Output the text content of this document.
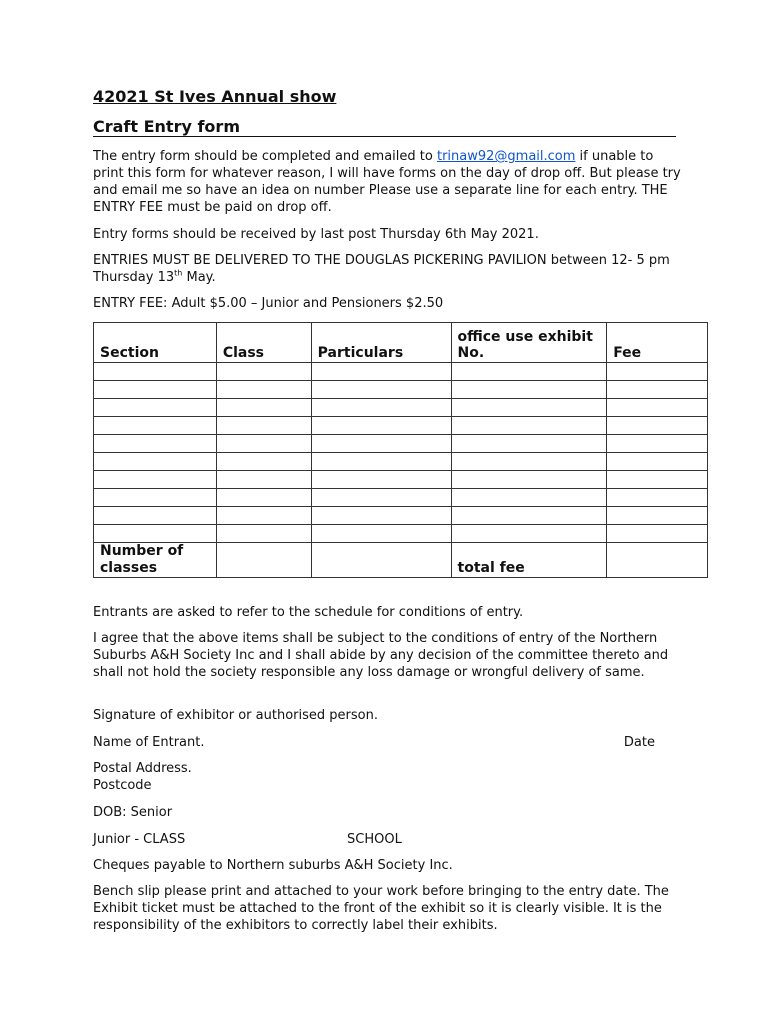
42021 St Ives Annual show
Craft Entry form

The entry form should be completed and emailed to trinaw92@gmail.com if unable to print this form for whatever reason, I will have forms on the day of drop off. But please try and email me so have an idea on number Please use a separate line for each entry. THE ENTRY FEE must be paid on drop off.

Entry forms should be received by last post Thursday 6th May 2021.

ENTRIES MUST BE DELIVERED TO THE DOUGLAS PICKERING PAVILION between 12- 5 pm Thursday 13th May.

ENTRY FEE: Adult $5.00 – Junior and Pensioners $2.50

Section	Class	Particulars	office use exhibit No.	Fee

Number of classes			total fee	

Entrants are asked to refer to the schedule for conditions of entry.

I agree that the above items shall be subject to the conditions of entry of the Northern Suburbs A&H Society Inc and I shall abide by any decision of the committee thereto and shall not hold the society responsible any loss damage or wrongful delivery of same.

Signature of exhibitor or authorised person.

Name of Entrant.	Date

Postal Address.
Postcode

DOB: Senior

Junior - CLASS	SCHOOL

Cheques payable to Northern suburbs A&H Society Inc.

Bench slip please print and attached to your work before bringing to the entry date. The Exhibit ticket must be attached to the front of the exhibit so it is clearly visible. It is the responsibility of the exhibitors to correctly label their exhibits.
